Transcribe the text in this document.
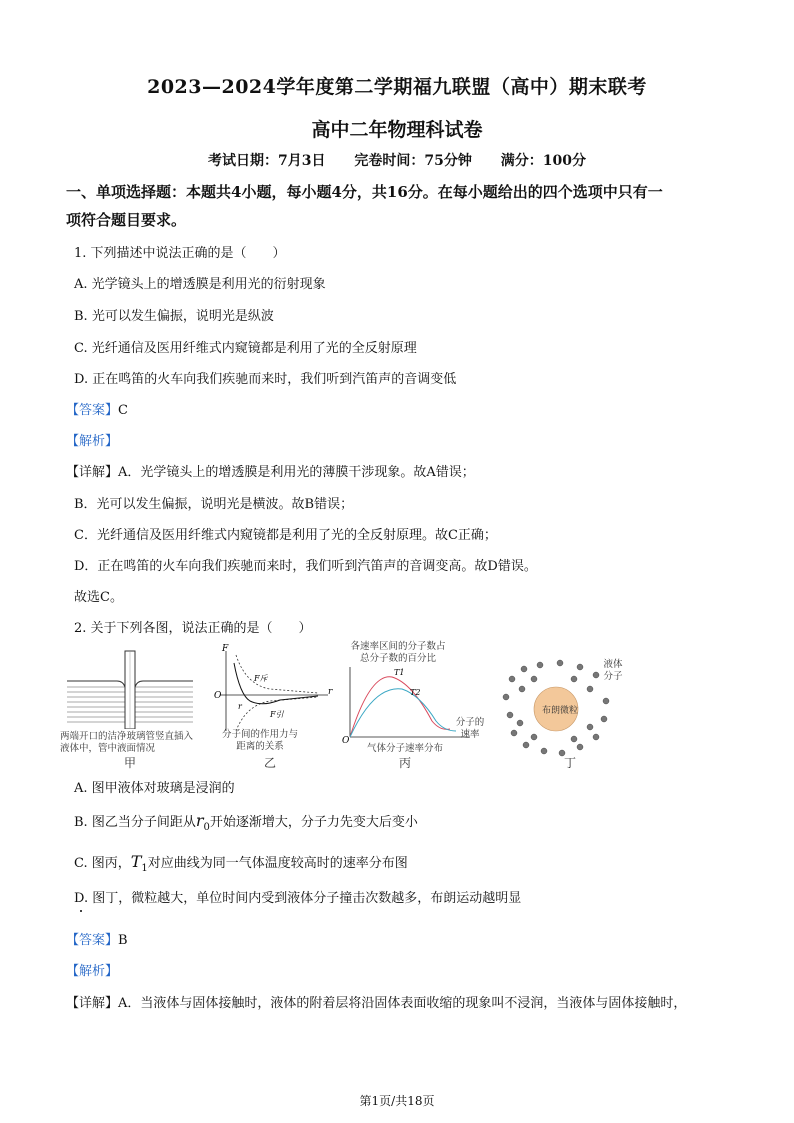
2023—2024学年度第二学期福九联盟（高中）期末联考
高中二年物理科试卷
考试日期：7月3日 完卷时间：75分钟 满分：100分
一、单项选择题：本题共4小题，每小题4分，共16分。在每小题给出的四个选项中只有一
项符合题目要求。
1. 下列描述中说法正确的是（　　）
A. 光学镜头上的增透膜是利用光的衍射现象
B. 光可以发生偏振，说明光是纵波
C. 光纤通信及医用纤维式内窥镜都是利用了光的全反射原理
D. 正在鸣笛的火车向我们疾驰而来时，我们听到汽笛声的音调变低
【答案】C
【解析】
【详解】A．光学镜头上的增透膜是利用光的薄膜干涉现象。故A错误；
B．光可以发生偏振，说明光是横波。故B错误；
C．光纤通信及医用纤维式内窥镜都是利用了光的全反射原理。故C正确；
D．正在鸣笛的火车向我们疾驰而来时，我们听到汽笛声的音调变高。故D错误。
故选C。
2. 关于下列各图，说法正确的是（　　）
两端开口的洁净玻璃管竖直插入液体中，管中液面情况
甲
F
O	r
r
F斥
F引
分子间的作用力与距离的关系
乙
各速率区间的分子数占总分子数的百分比
T1
T2
O
分子的速率
气体分子速率分布
丙
布朗微粒
液体分子
丁
A. 图甲液体对玻璃是浸润的
B. 图乙当分子间距从$r_0$开始逐渐增大，分子力先变大后变小
C. 图丙，$T_1$对应曲线为同一气体温度较高时的速率分布图
D. 图丁，微粒越大，单位时间内受到液体分子撞击次数越多，布朗运动越明显
【答案】B
【解析】
【详解】A．当液体与固体接触时，液体的附着层将沿固体表面收缩的现象叫不浸润，当液体与固体接触时，
第1页/共18页
